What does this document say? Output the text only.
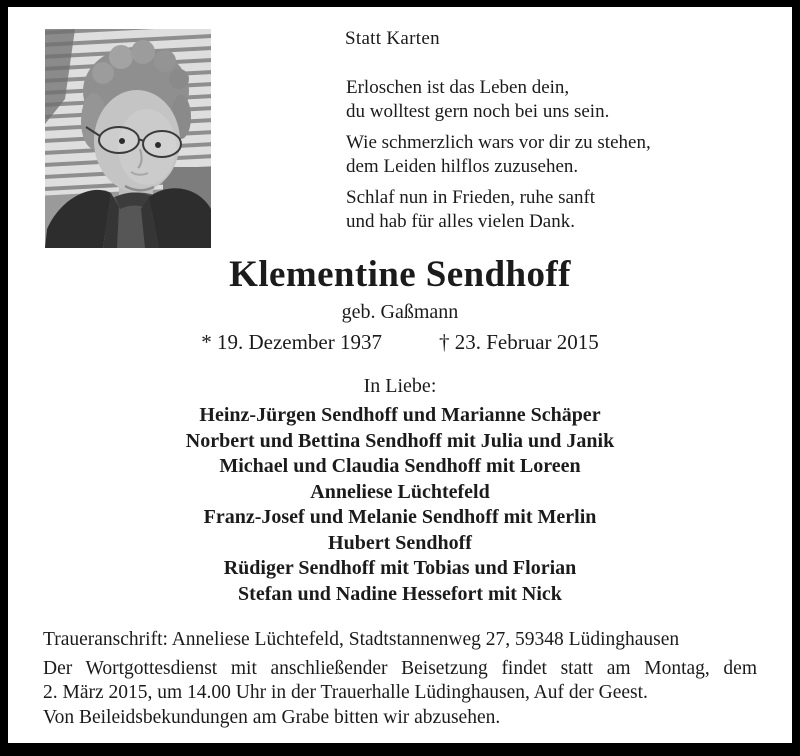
Statt Karten
Erloschen ist das Leben dein,
du wolltest gern noch bei uns sein.
Wie schmerzlich wars vor dir zu stehen,
dem Leiden hilflos zuzusehen.
Schlaf nun in Frieden, ruhe sanft
und hab für alles vielen Dank.
Klementine Sendhoff
geb. Gaßmann
* 19. Dezember 1937	† 23. Februar 2015
In Liebe:
Heinz-Jürgen Sendhoff und Marianne Schäper
Norbert und Bettina Sendhoff mit Julia und Janik
Michael und Claudia Sendhoff mit Loreen
Anneliese Lüchtefeld
Franz-Josef und Melanie Sendhoff mit Merlin
Hubert Sendhoff
Rüdiger Sendhoff mit Tobias und Florian
Stefan und Nadine Hessefort mit Nick
Traueranschrift: Anneliese Lüchtefeld, Stadtstannenweg 27, 59348 Lüdinghausen
Der Wortgottesdienst mit anschließender Beisetzung findet statt am Montag, dem
2. März 2015, um 14.00 Uhr in der Trauerhalle Lüdinghausen, Auf der Geest.
Von Beileidsbekundungen am Grabe bitten wir abzusehen.
